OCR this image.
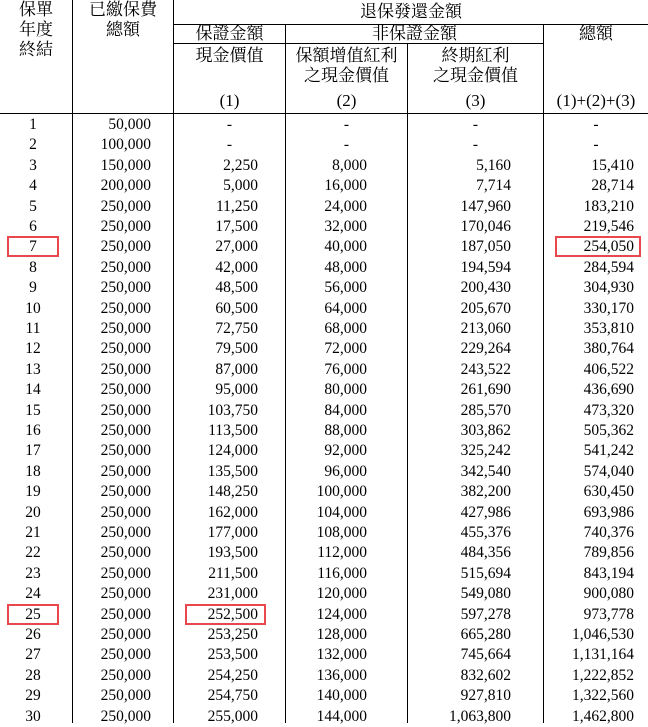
保單
年度
終結
已繳保費
總額
退保發還金額
保證金額	非保證金額	總額
現金價值	保額增值紅利
之現金價值
終期紅利
之現金價值
(1)	(2)	(3)	(1)+(2)+(3)
1	50,000	-	-	-	-
2	100,000	-	-	-	-
3	150,000	2,250	8,000	5,160	15,410
4	200,000	5,000	16,000	7,714	28,714
5	250,000	11,250	24,000	147,960	183,210
6	250,000	17,500	32,000	170,046	219,546
7	250,000	27,000	40,000	187,050	254,050
8	250,000	42,000	48,000	194,594	284,594
9	250,000	48,500	56,000	200,430	304,930
10	250,000	60,500	64,000	205,670	330,170
11	250,000	72,750	68,000	213,060	353,810
12	250,000	79,500	72,000	229,264	380,764
13	250,000	87,000	76,000	243,522	406,522
14	250,000	95,000	80,000	261,690	436,690
15	250,000	103,750	84,000	285,570	473,320
16	250,000	113,500	88,000	303,862	505,362
17	250,000	124,000	92,000	325,242	541,242
18	250,000	135,500	96,000	342,540	574,040
19	250,000	148,250	100,000	382,200	630,450
20	250,000	162,000	104,000	427,986	693,986
21	250,000	177,000	108,000	455,376	740,376
22	250,000	193,500	112,000	484,356	789,856
23	250,000	211,500	116,000	515,694	843,194
24	250,000	231,000	120,000	549,080	900,080
25	250,000	252,500	124,000	597,278	973,778
26	250,000	253,250	128,000	665,280	1,046,530
27	250,000	253,500	132,000	745,664	1,131,164
28	250,000	254,250	136,000	832,602	1,222,852
29	250,000	254,750	140,000	927,810	1,322,560
30	250,000	255,000	144,000	1,063,800	1,462,800
